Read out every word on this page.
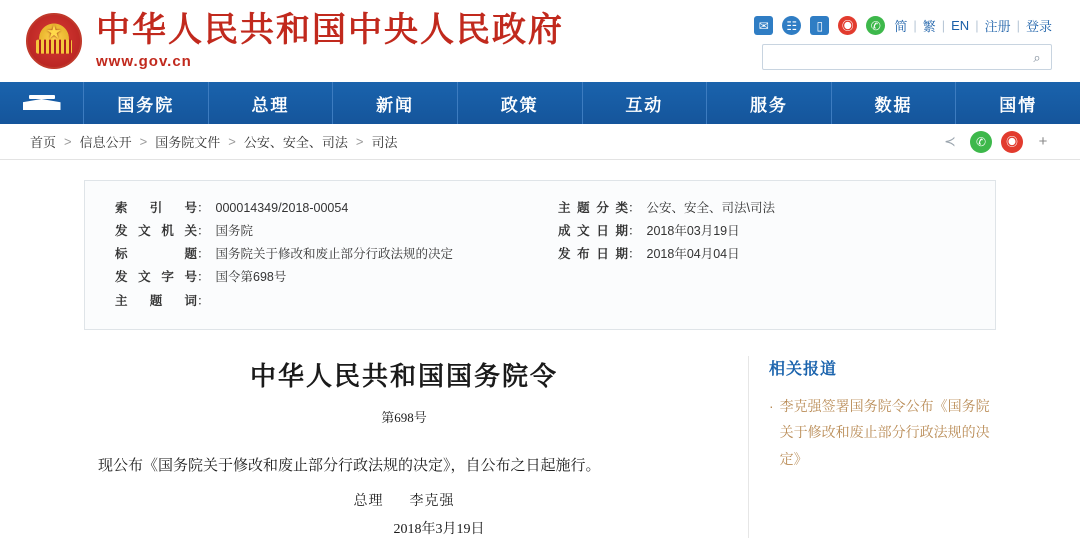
★
中华人民共和国中央人民政府
www.gov.cn
✉	☷	▯	◉	✆	简 | 繁 | EN | 注册 | 登录
⌕
国务院	总理	新闻	政策	互动	服务	数据	国情
首页 > 信息公开 > 国务院文件 > 公安、安全、司法 > 司法	≺	✆	◉	+
索引号 ： 000014349/2018-00054
发文机关 ： 国务院
标题 ： 国务院关于修改和废止部分行政法规的决定
发文字号 ： 国令第698号
主题词 ：
主题分类 ： 公安、安全、司法\司法
成文日期 ： 2018年03月19日
发布日期 ： 2018年04月04日
中华人民共和国国务院令
第698号
现公布《国务院关于修改和废止部分行政法规的决定》，自公布之日起施行。
总理 李克强
2018年3月19日
相关报道
· 李克强签署国务院令公布《国务院关于修改和废止部分行政法规的决定》
